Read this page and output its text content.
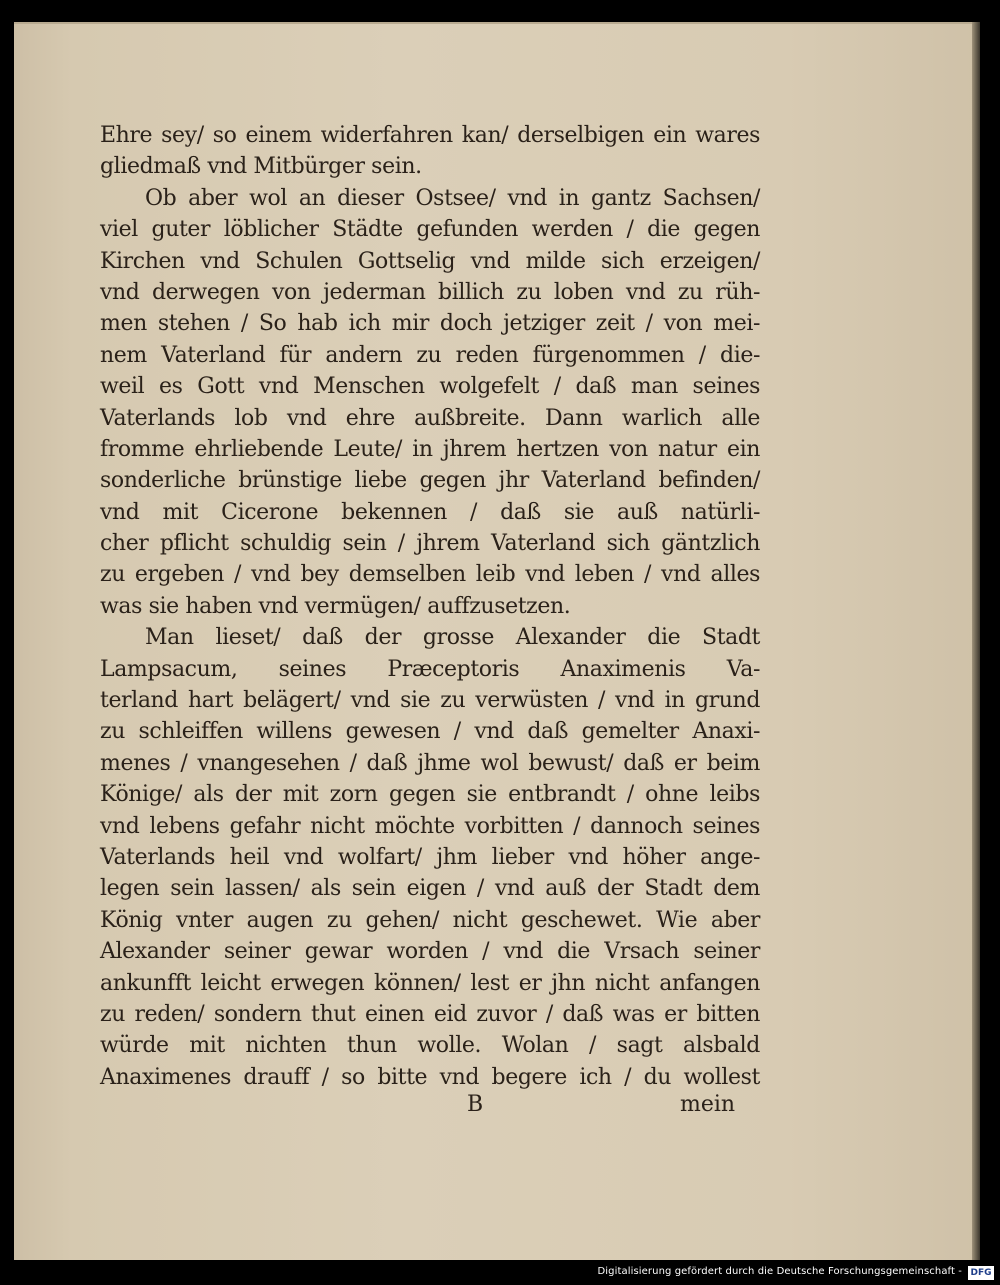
Ehre sey/ so einem widerfahren kan/ derselbigen ein wares
gliedmaß vnd Mitbürger sein.

Ob aber wol an dieser Ostsee/ vnd in gantz Sachsen/
viel guter löblicher Städte gefunden werden / die gegen
Kirchen vnd Schulen Gottselig vnd milde sich erzeigen/
vnd derwegen von jederman billich zu loben vnd zu rüh-
men stehen / So hab ich mir doch jetziger zeit / von mei-
nem Vaterland für andern zu reden fürgenommen / die-
weil es Gott vnd Menschen wolgefelt / daß man seines
Vaterlands lob vnd ehre außbreite. Dann warlich alle
fromme ehrliebende Leute/ in jhrem hertzen von natur ein
sonderliche brünstige liebe gegen jhr Vaterland befinden/
vnd mit Cicerone bekennen / daß sie auß natürli-
cher pflicht schuldig sein / jhrem Vaterland sich gäntzlich
zu ergeben / vnd bey demselben leib vnd leben / vnd alles
was sie haben vnd vermügen/ auffzusetzen.

Man lieset/ daß der grosse Alexander die Stadt
Lampsacum, seines Præceptoris Anaximenis Va-
terland hart belägert/ vnd sie zu verwüsten / vnd in grund
zu schleiffen willens gewesen / vnd daß gemelter Anaxi-
menes / vnangesehen / daß jhme wol bewust/ daß er beim
Könige/ als der mit zorn gegen sie entbrandt / ohne leibs
vnd lebens gefahr nicht möchte vorbitten / dannoch seines
Vaterlands heil vnd wolfart/ jhm lieber vnd höher ange-
legen sein lassen/ als sein eigen / vnd auß der Stadt dem
König vnter augen zu gehen/ nicht geschewet. Wie aber
Alexander seiner gewar worden / vnd die Vrsach seiner
ankunfft leicht erwegen können/ lest er jhn nicht anfangen
zu reden/ sondern thut einen eid zuvor / daß was er bitten
würde mit nichten thun wolle. Wolan / sagt alsbald
Anaximenes drauff / so bitte vnd begere ich / du wollest

B	mein
Digitalisierung gefördert durch die Deutsche Forschungsgemeinschaft - DFG
